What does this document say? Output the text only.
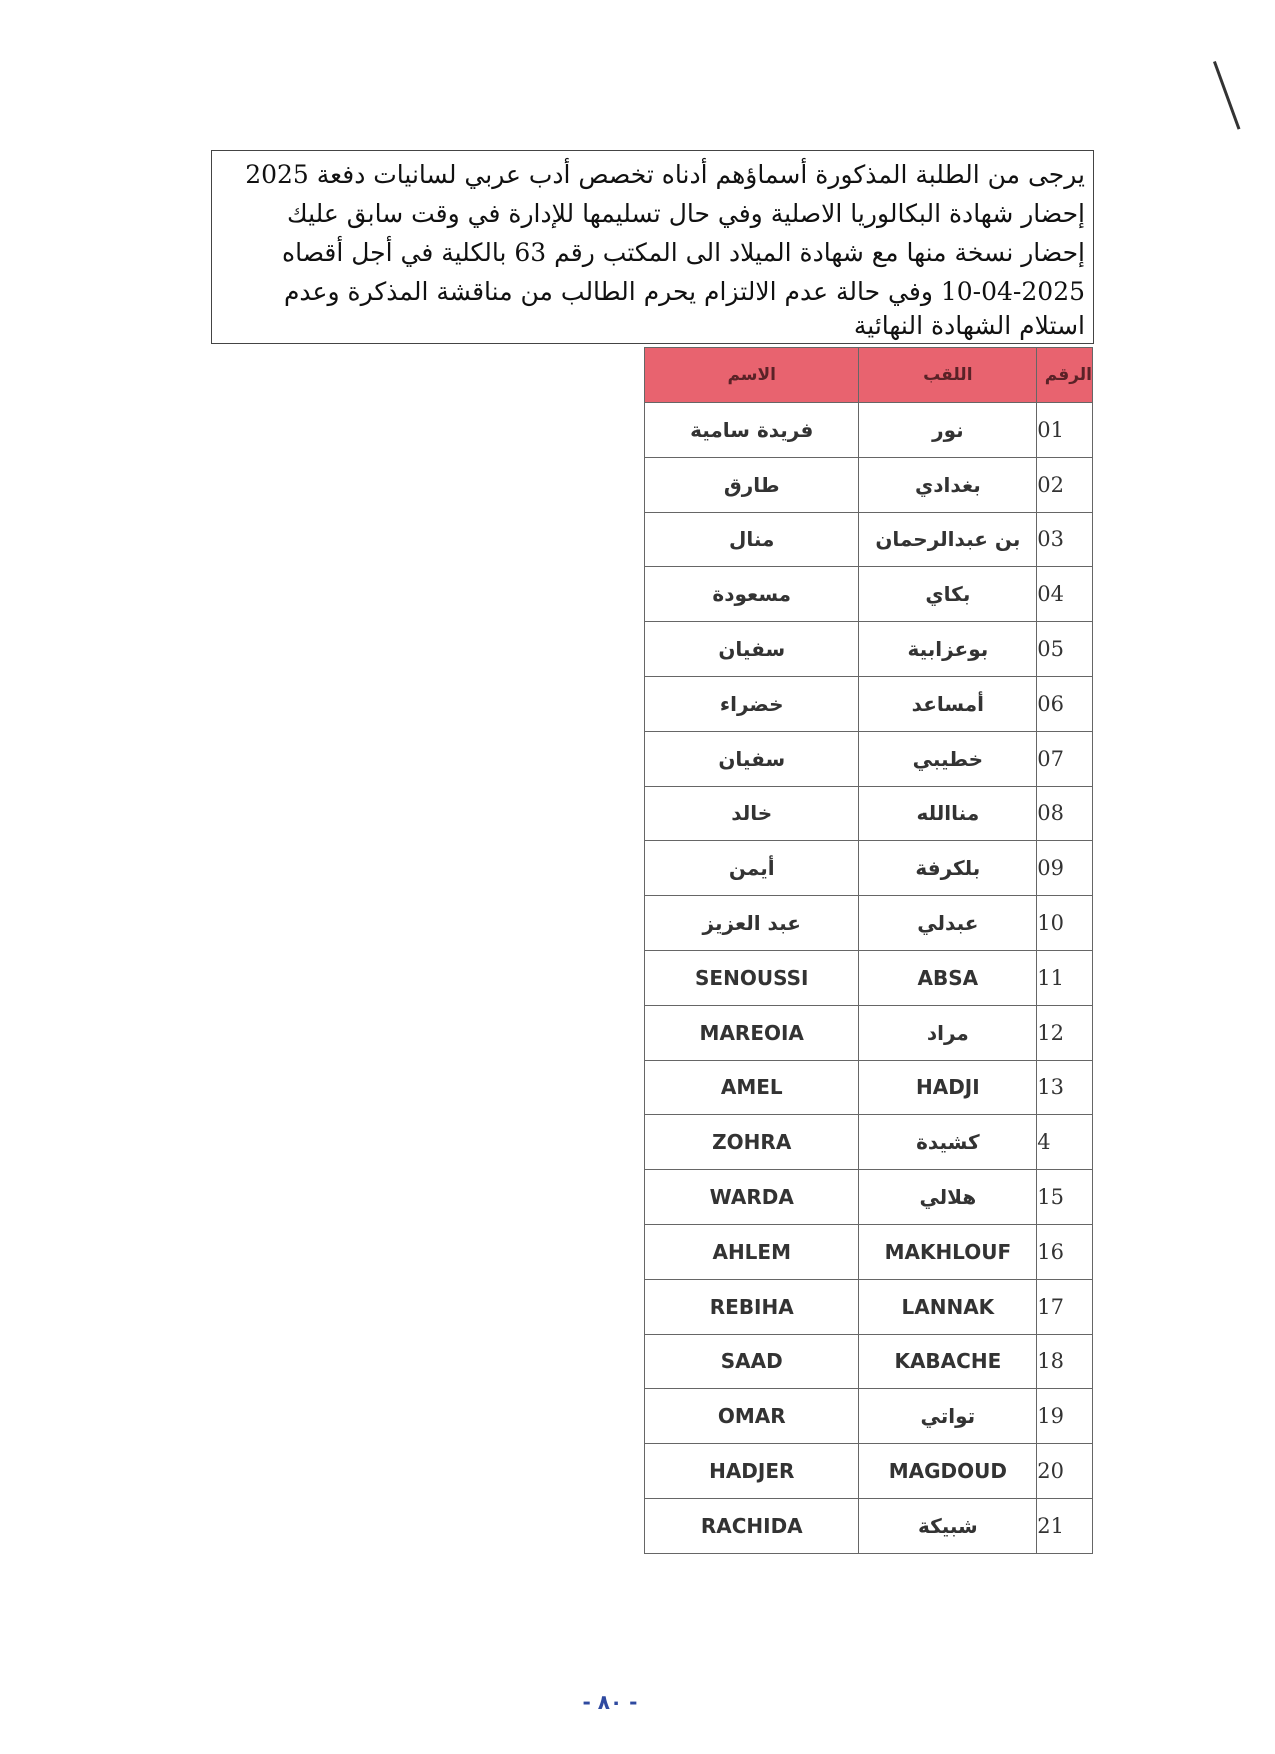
يرجى من الطلبة المذكورة أسماؤهم أدناه تخصص أدب عربي لسانيات دفعة 2025
إحضار شهادة البكالوريا الاصلية وفي حال تسليمها للإدارة في وقت سابق عليك
إحضار نسخة منها مع شهادة الميلاد الى المكتب رقم 63 بالكلية في أجل أقصاه
10-04-2025 وفي حالة عدم الالتزام يحرم الطالب من مناقشة المذكرة وعدم
استلام الشهادة النهائية
الرقم	اللقب	الاسم
01	نور	فريدة سامية
02	بغدادي	طارق
03	بن عبدالرحمان	منال
04	بكاي	مسعودة
05	بوعزابية	سفيان
06	أمساعد	خضراء
07	خطيبي	سفيان
08	مناالله	خالد
09	بلكرفة	أيمن
10	عبدلي	عبد العزيز
11	ABSA	SENOUSSI
12	مراد	MAREOIA
13	HADJI	AMEL
4	كشيدة	ZOHRA
15	هلالي	WARDA
16	MAKHLOUF	AHLEM
17	LANNAK	REBIHA
18	KABACHE	SAAD
19	تواتي	OMAR
20	MAGDOUD	HADJER
21	شبيكة	RACHIDA
- ٨٠ -
